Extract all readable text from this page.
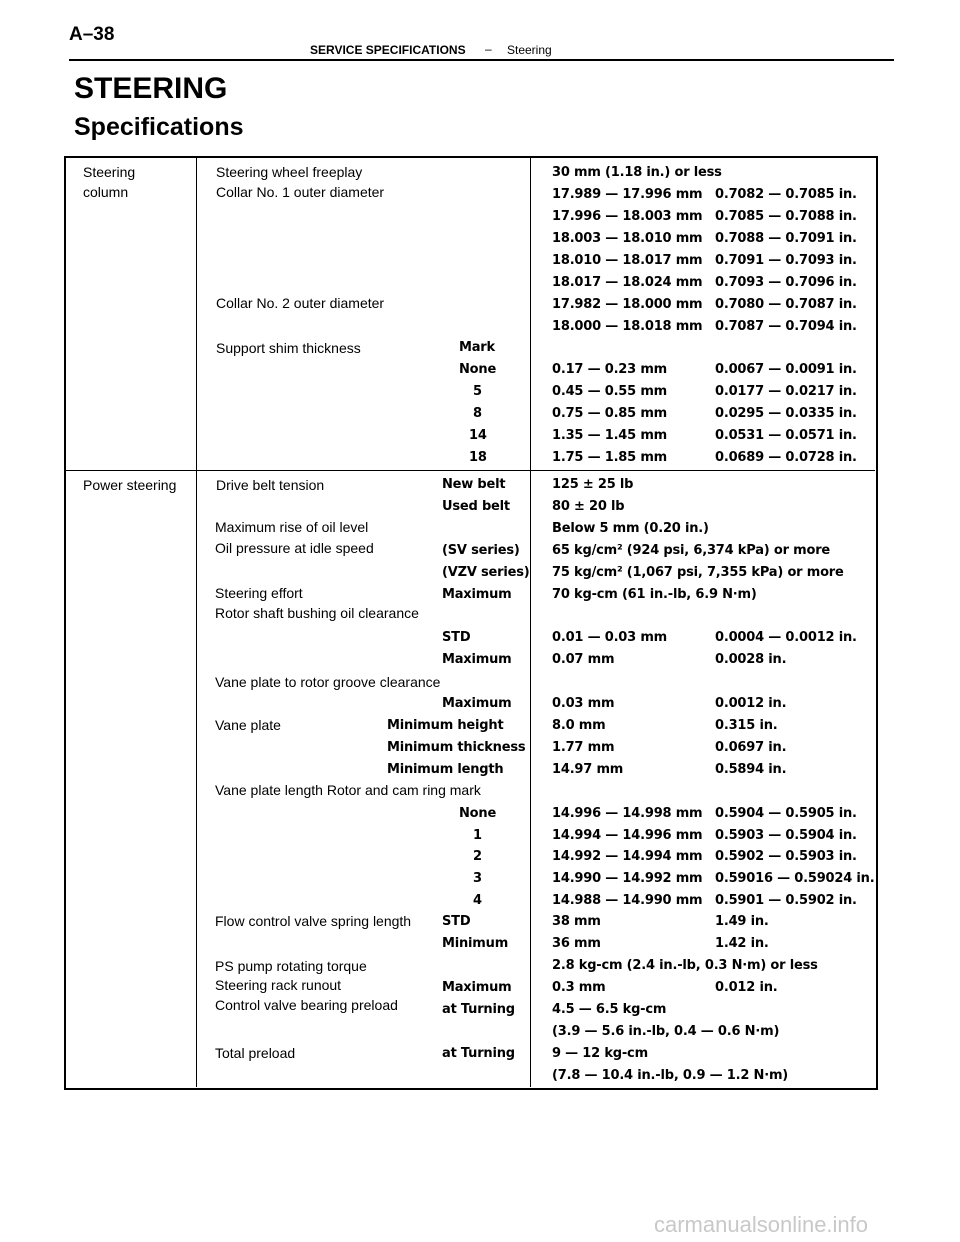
A–38
SERVICE SPECIFICATIONS – Steering
STEERING
Specifications
Steering
column
Power steering
Steering wheel freeplay
Collar No. 1 outer diameter
Collar No. 2 outer diameter
Support shim thickness
Drive belt tension
Maximum rise of oil level
Oil pressure at idle speed
Steering effort
Rotor shaft bushing oil clearance
Vane plate to rotor groove clearance
Vane plate
Vane plate length Rotor and cam ring mark
Flow control valve spring length
PS pump rotating torque
Steering rack runout
Control valve bearing preload
Total preload
Mark
None
5
8
14
18
New belt
Used belt
(SV series)
(VZV series)
Maximum
STD
Maximum
Maximum
Minimum height
Minimum thickness
Minimum length
None
1
2
3
4
STD
Minimum
Maximum
at Turning
at Turning
30 mm (1.18 in.) or less
17.989 — 17.996 mm
17.996 — 18.003 mm
18.003 — 18.010 mm
18.010 — 18.017 mm
18.017 — 18.024 mm
17.982 — 18.000 mm
18.000 — 18.018 mm
0.17 — 0.23 mm
0.45 — 0.55 mm
0.75 — 0.85 mm
1.35 — 1.45 mm
1.75 — 1.85 mm
125 ± 25 lb
80 ± 20 lb
Below 5 mm (0.20 in.)
65 kg/cm² (924 psi, 6,374 kPa) or more
75 kg/cm² (1,067 psi, 7,355 kPa) or more
70 kg-cm (61 in.-lb, 6.9 N·m)
0.01 — 0.03 mm
0.07 mm
0.03 mm
8.0 mm
1.77 mm
14.97 mm
14.996 — 14.998 mm
14.994 — 14.996 mm
14.992 — 14.994 mm
14.990 — 14.992 mm
14.988 — 14.990 mm
38 mm
36 mm
2.8 kg-cm (2.4 in.-lb, 0.3 N·m) or less
0.3 mm
4.5 — 6.5 kg-cm
(3.9 — 5.6 in.-lb, 0.4 — 0.6 N·m)
9 — 12 kg-cm
(7.8 — 10.4 in.-lb, 0.9 — 1.2 N·m)
0.7082 — 0.7085 in.
0.7085 — 0.7088 in.
0.7088 — 0.7091 in.
0.7091 — 0.7093 in.
0.7093 — 0.7096 in.
0.7080 — 0.7087 in.
0.7087 — 0.7094 in.
0.0067 — 0.0091 in.
0.0177 — 0.0217 in.
0.0295 — 0.0335 in.
0.0531 — 0.0571 in.
0.0689 — 0.0728 in.
0.0004 — 0.0012 in.
0.0028 in.
0.0012 in.
0.315 in.
0.0697 in.
0.5894 in.
0.5904 — 0.5905 in.
0.5903 — 0.5904 in.
0.5902 — 0.5903 in.
0.59016 — 0.59024 in.
0.5901 — 0.5902 in.
1.49 in.
1.42 in.
0.012 in.
carmanualsonline.info
